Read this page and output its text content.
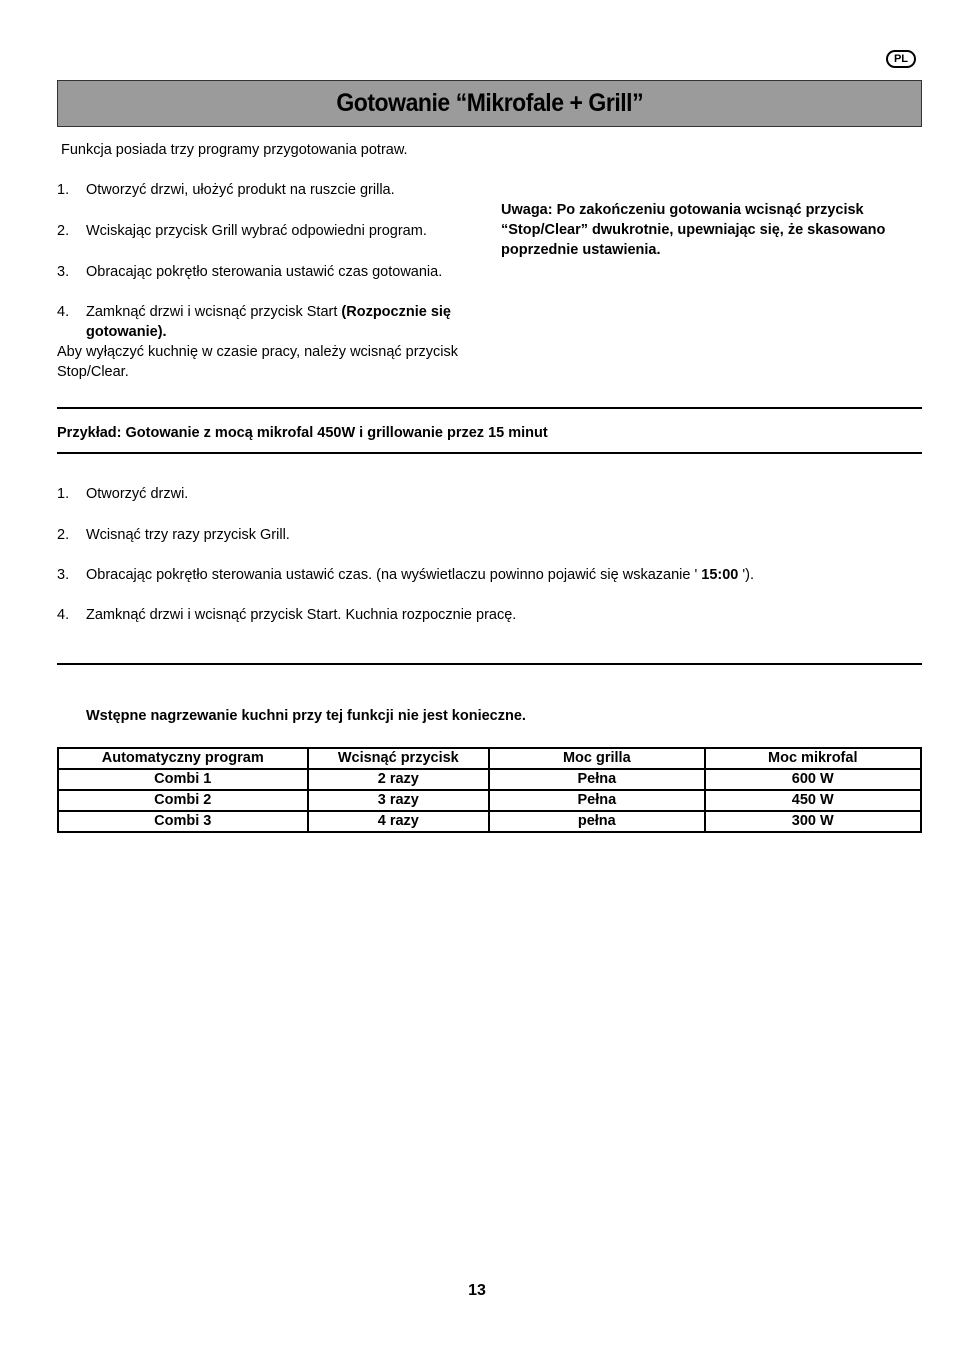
PL
Gotowanie “Mikrofale + Grill”
Funkcja posiada trzy programy przygotowania potraw.
1. Otworzyć drzwi, ułożyć produkt na ruszcie grilla.
2. Wciskając przycisk Grill wybrać odpowiedni program.
3. Obracając pokrętło sterowania ustawić czas gotowania.
4. Zamknąć drzwi i wcisnąć przycisk Start (Rozpocznie się
gotowanie).
Aby wyłączyć kuchnię w czasie pracy, należy wcisnąć przycisk
Stop/Clear.
Uwaga: Po zakończeniu gotowania wcisnąć przycisk
“Stop/Clear” dwukrotnie, upewniając się, że skasowano
poprzednie ustawienia.
Przykład: Gotowanie z mocą mikrofal 450W i grillowanie przez 15 minut
1. Otworzyć drzwi.
2. Wcisnąć trzy razy przycisk Grill.
3. Obracając pokrętło sterowania ustawić czas. (na wyświetlaczu powinno pojawić się wskazanie ' 15:00 ').
4. Zamknąć drzwi i wcisnąć przycisk Start. Kuchnia rozpocznie pracę.
Wstępne nagrzewanie kuchni przy tej funkcji nie jest konieczne.
Automatyczny program	Wcisnąć przycisk	Moc grilla	Moc mikrofal
Combi 1	2 razy	Pełna	600 W
Combi 2	3 razy	Pełna	450 W
Combi 3	4 razy	pełna	300 W
13
